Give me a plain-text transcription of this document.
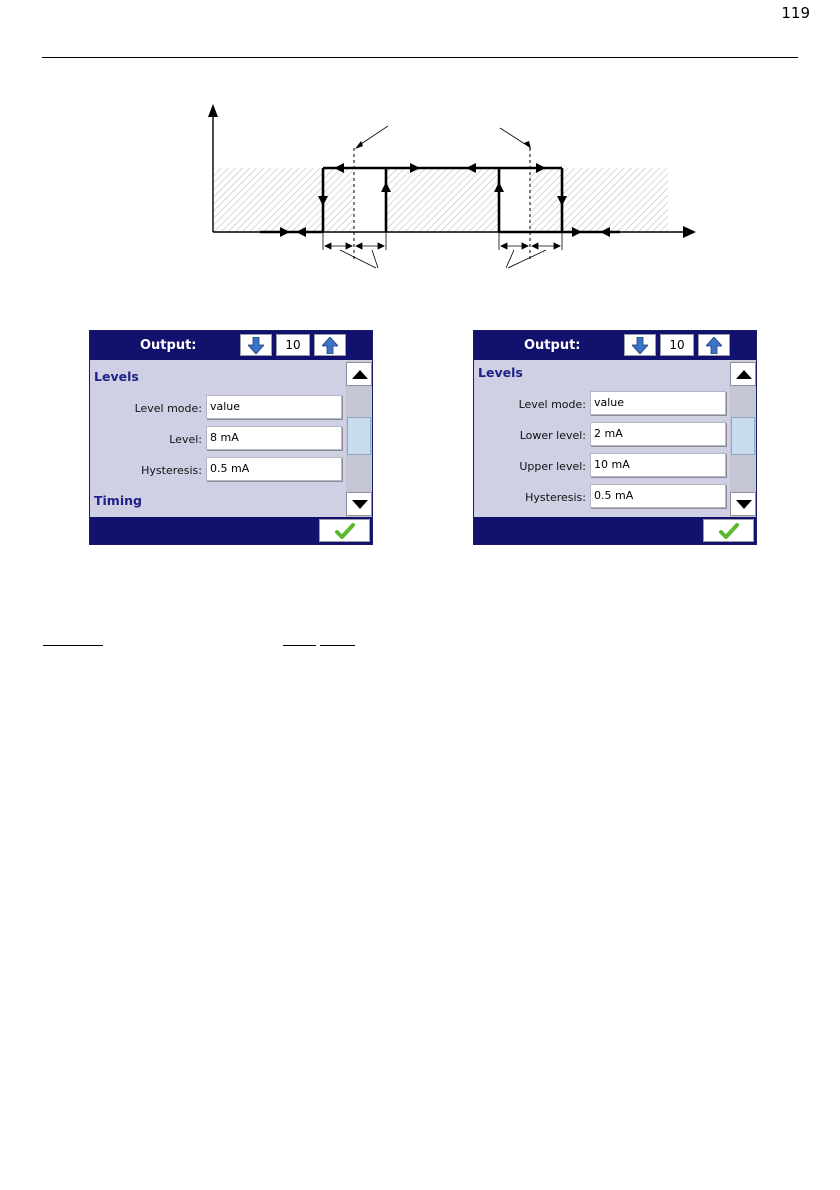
119
Output:	10
Levels
Level mode: value
Level: 8 mA
Hysteresis: 0.5 mA
Timing
Output:	10
Levels
Level mode: value
Lower level: 2 mA
Upper level: 10 mA
Hysteresis: 0.5 mA
